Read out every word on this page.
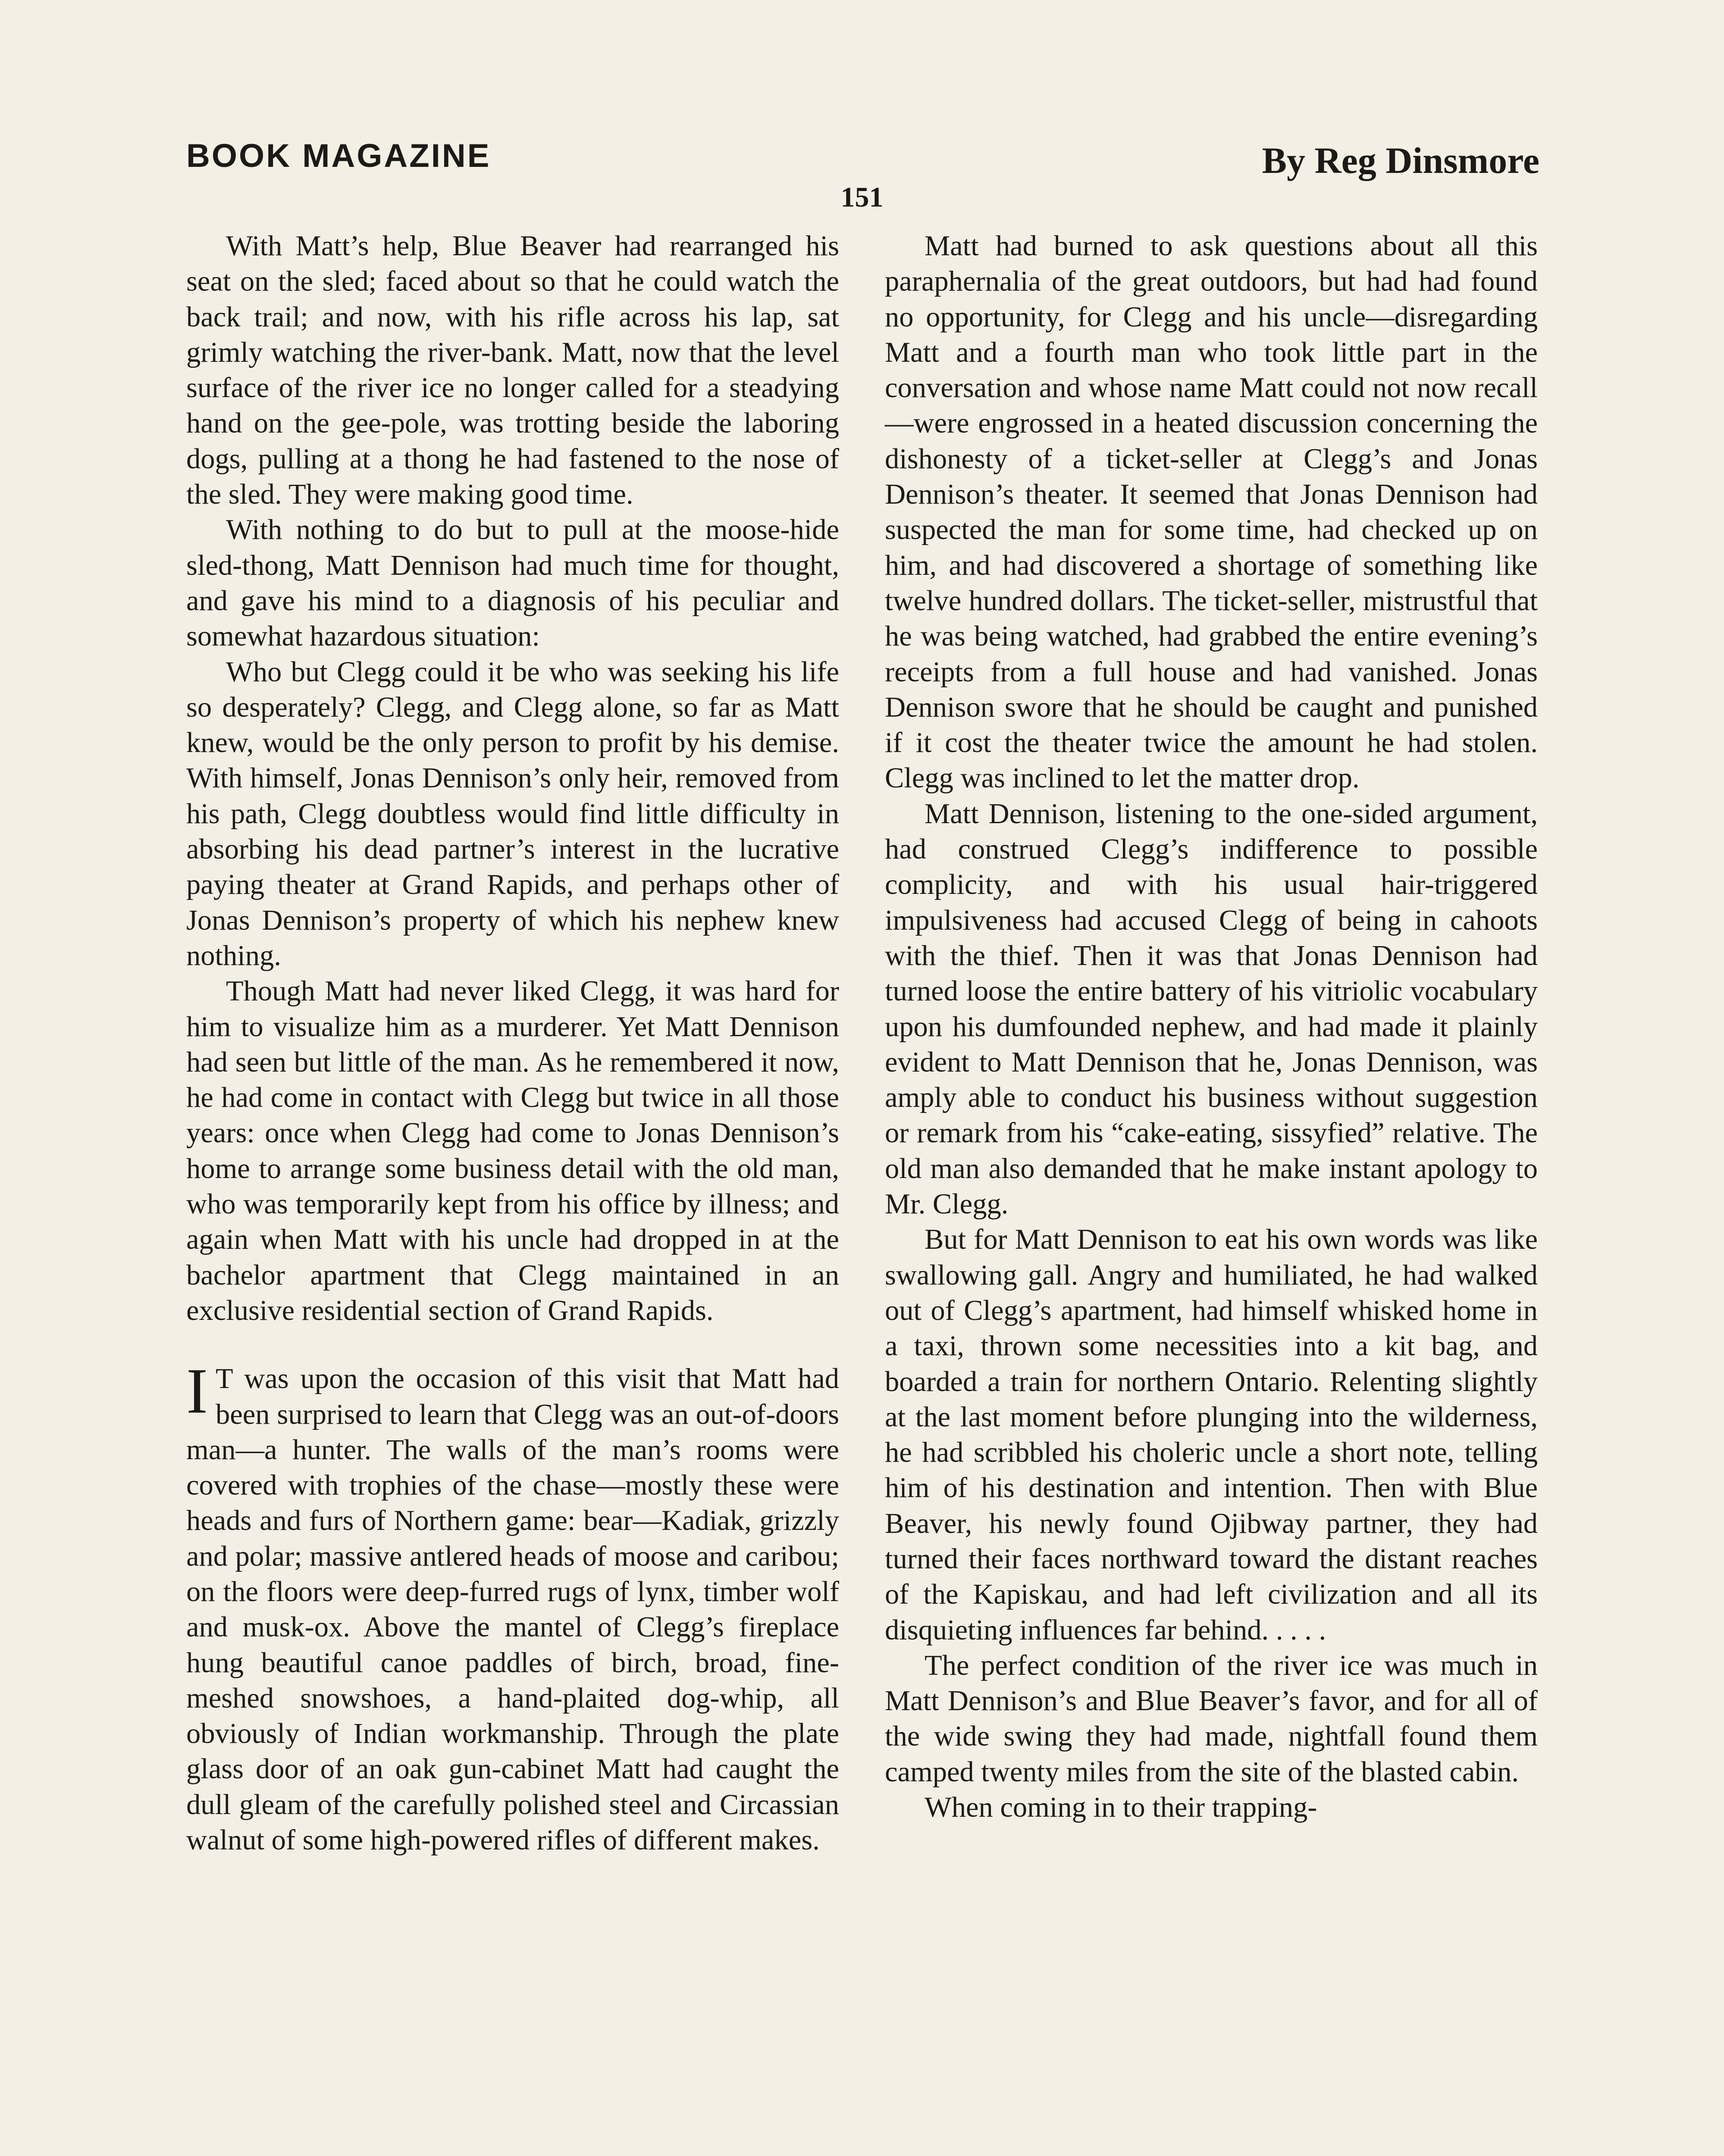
BOOK MAGAZINE	By Reg Dinsmore
151

With Matt’s help, Blue Beaver had rearranged his seat on the sled; faced about so that he could watch the back trail; and now, with his rifle across his lap, sat grimly watching the river-bank. Matt, now that the level surface of the river ice no longer called for a steadying hand on the gee-pole, was trotting beside the laboring dogs, pulling at a thong he had fastened to the nose of the sled. They were making good time.

With nothing to do but to pull at the moose-hide sled-thong, Matt Dennison had much time for thought, and gave his mind to a diagnosis of his peculiar and somewhat hazardous situation:

Who but Clegg could it be who was seeking his life so desperately? Clegg, and Clegg alone, so far as Matt knew, would be the only person to profit by his demise. With himself, Jonas Dennison’s only heir, removed from his path, Clegg doubtless would find little difficulty in absorbing his dead partner’s interest in the lucrative paying theater at Grand Rapids, and perhaps other of Jonas Dennison’s property of which his nephew knew nothing.

Though Matt had never liked Clegg, it was hard for him to visualize him as a murderer. Yet Matt Dennison had seen but little of the man. As he remembered it now, he had come in contact with Clegg but twice in all those years: once when Clegg had come to Jonas Dennison’s home to arrange some business detail with the old man, who was temporarily kept from his office by illness; and again when Matt with his uncle had dropped in at the bachelor apartment that Clegg maintained in an exclusive residential section of Grand Rapids.

I T was upon the occasion of this visit that Matt had been surprised to learn that Clegg was an out-of-doors man—a hunter. The walls of the man’s rooms were covered with trophies of the chase—mostly these were heads and furs of Northern game: bear—Kadiak, grizzly and polar; massive antlered heads of moose and caribou; on the floors were deep-furred rugs of lynx, timber wolf and musk-ox. Above the mantel of Clegg’s fireplace hung beautiful canoe paddles of birch, broad, fine-meshed snowshoes, a hand-plaited dog-whip, all obviously of Indian workmanship. Through the plate glass door of an oak gun-cabinet Matt had caught the dull gleam of the carefully polished steel and Circassian walnut of some high-powered rifles of different makes.

Matt had burned to ask questions about all this paraphernalia of the great outdoors, but had had found no opportunity, for Clegg and his uncle—disregarding Matt and a fourth man who took little part in the conversation and whose name Matt could not now recall—were engrossed in a heated discussion concerning the dishonesty of a ticket-seller at Clegg’s and Jonas Dennison’s theater. It seemed that Jonas Dennison had suspected the man for some time, had checked up on him, and had discovered a shortage of something like twelve hundred dollars. The ticket-seller, mistrustful that he was being watched, had grabbed the entire evening’s receipts from a full house and had vanished. Jonas Dennison swore that he should be caught and punished if it cost the theater twice the amount he had stolen. Clegg was inclined to let the matter drop.

Matt Dennison, listening to the one-sided argument, had construed Clegg’s indifference to possible complicity, and with his usual hair-triggered impulsiveness had accused Clegg of being in cahoots with the thief. Then it was that Jonas Dennison had turned loose the entire battery of his vitriolic vocabulary upon his dumfounded nephew, and had made it plainly evident to Matt Dennison that he, Jonas Dennison, was amply able to conduct his business without suggestion or remark from his “cake-eating, sissyfied” relative. The old man also demanded that he make instant apology to Mr. Clegg.

But for Matt Dennison to eat his own words was like swallowing gall. Angry and humiliated, he had walked out of Clegg’s apartment, had himself whisked home in a taxi, thrown some necessities into a kit bag, and boarded a train for northern Ontario. Relenting slightly at the last moment before plunging into the wilderness, he had scribbled his choleric uncle a short note, telling him of his destination and intention. Then with Blue Beaver, his newly found Ojibway partner, they had turned their faces northward toward the distant reaches of the Kapiskau, and had left civilization and all its disquieting influences far behind. . . . .

The perfect condition of the river ice was much in Matt Dennison’s and Blue Beaver’s favor, and for all of the wide swing they had made, nightfall found them camped twenty miles from the site of the blasted cabin.

When coming in to their trapping-
